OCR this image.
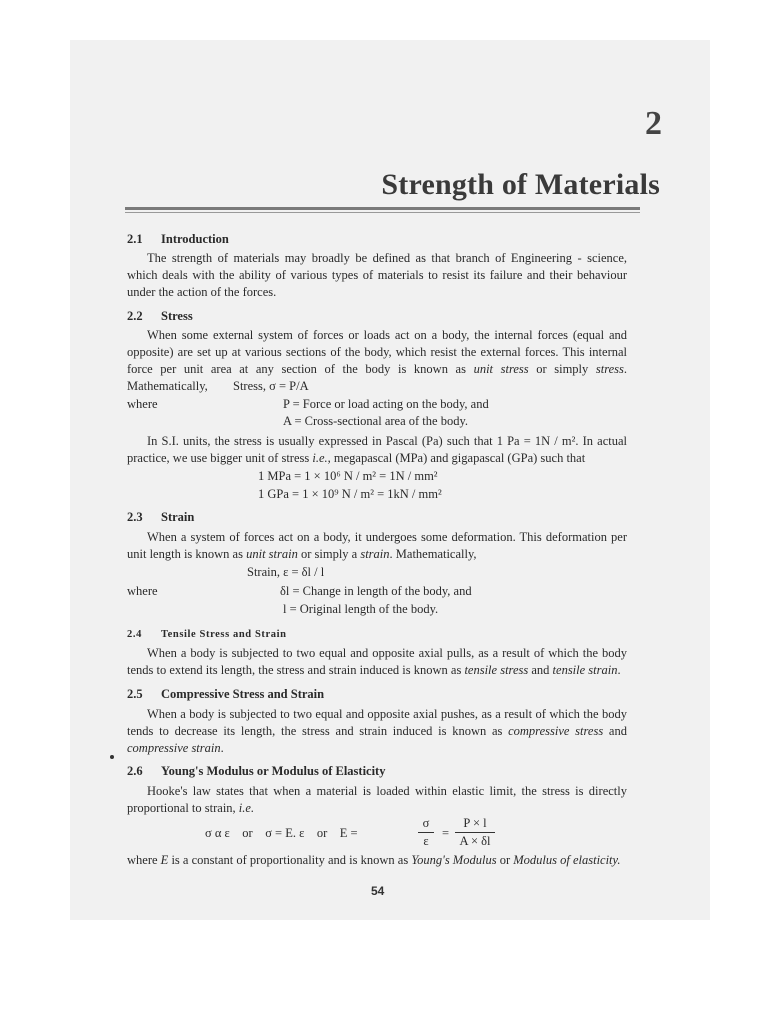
2
Strength of Materials
2.1 Introduction
The strength of materials may broadly be defined as that branch of Engineering - science, which deals with the ability of various types of materials to resist its failure and their behaviour under the action of the forces.
2.2 Stress
When some external system of forces or loads act on a body, the internal forces (equal and opposite) are set up at various sections of the body, which resist the external forces. This internal force per unit area at any section of the body is known as unit stress or simply stress. Mathematically,	Stress, σ = P/A
where	P = Force or load acting on the body, and
A = Cross-sectional area of the body.
In S.I. units, the stress is usually expressed in Pascal (Pa) such that 1 Pa = 1N / m². In actual practice, we use bigger unit of stress i.e., megapascal (MPa) and gigapascal (GPa) such that
1 MPa = 1 × 10⁶ N / m² = 1N / mm²
1 GPa = 1 × 10⁹ N / m² = 1kN / mm²
2.3 Strain
When a system of forces act on a body, it undergoes some deformation. This deformation per unit length is known as unit strain or simply a strain. Mathematically,
Strain, ε = δl / l
where	δl = Change in length of the body, and
l = Original length of the body.
2.4 Tensile Stress and Strain
When a body is subjected to two equal and opposite axial pulls, as a result of which the body tends to extend its length, the stress and strain induced is known as tensile stress and tensile strain.
2.5 Compressive Stress and Strain
When a body is subjected to two equal and opposite axial pushes, as a result of which the body tends to decrease its length, the stress and strain induced is known as compressive stress and compressive strain.
2.6 Young's Modulus or Modulus of Elasticity
Hooke's law states that when a material is loaded within elastic limit, the stress is directly proportional to strain, i.e.
σ α ε    or    σ = E. ε    or    E =
σ
ε
=
P × l
A × δl
where E is a constant of proportionality and is known as Young's Modulus or Modulus of elasticity.
54
